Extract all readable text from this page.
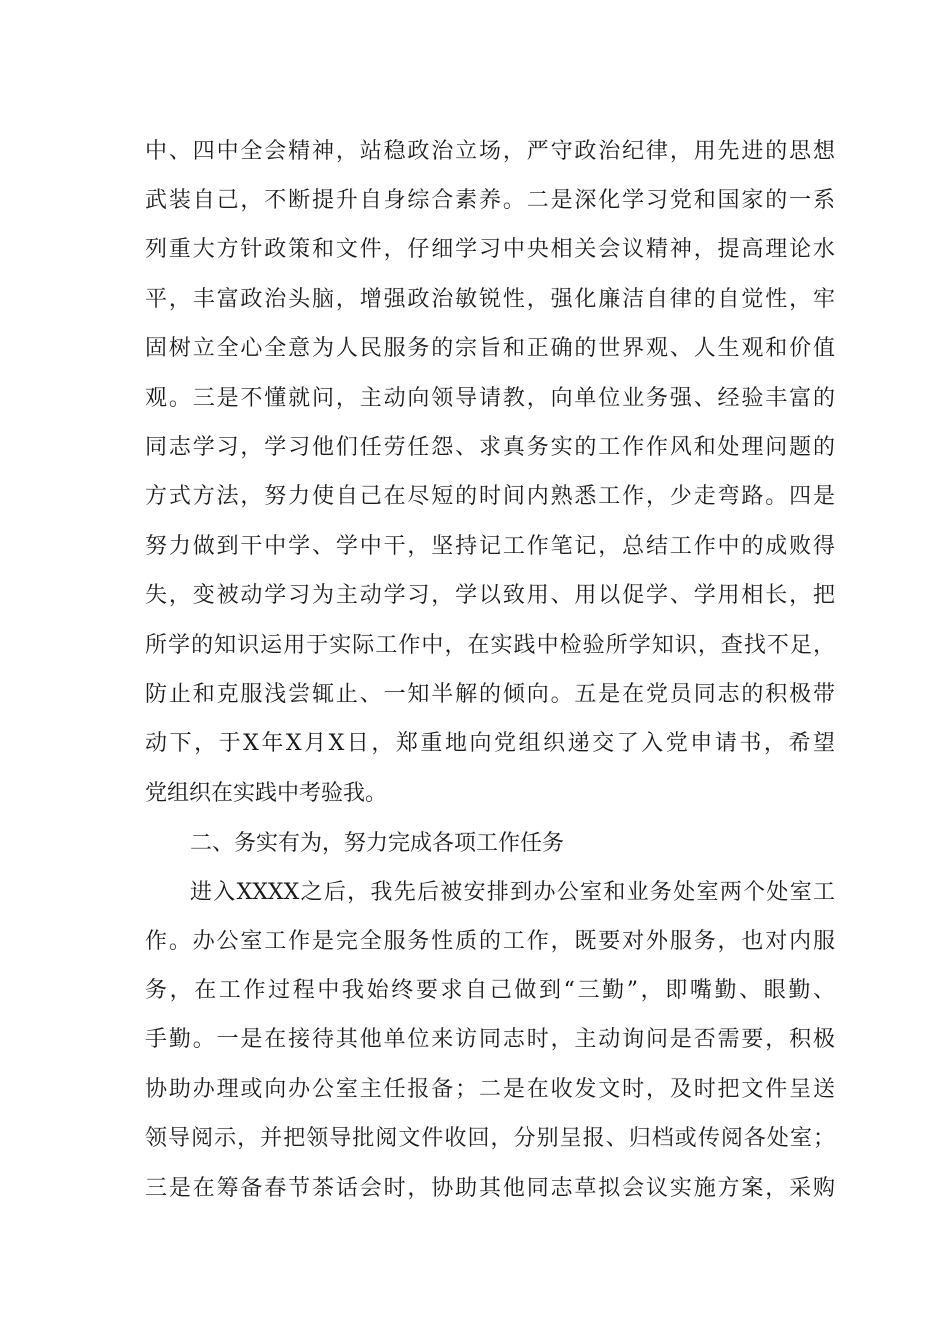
中、四中全会精神，站稳政治立场，严守政治纪律，用先进的思想
武装自己，不断提升自身综合素养。二是深化学习党和国家的一系
列重大方针政策和文件，仔细学习中央相关会议精神，提高理论水
平，丰富政治头脑，增强政治敏锐性，强化廉洁自律的自觉性，牢
固树立全心全意为人民服务的宗旨和正确的世界观、人生观和价值
观。三是不懂就问，主动向领导请教，向单位业务强、经验丰富的
同志学习，学习他们任劳任怨、求真务实的工作作风和处理问题的
方式方法，努力使自己在尽短的时间内熟悉工作，少走弯路。四是
努力做到干中学、学中干，坚持记工作笔记，总结工作中的成败得
失，变被动学习为主动学习，学以致用、用以促学、学用相长，把
所学的知识运用于实际工作中，在实践中检验所学知识，查找不足，
防止和克服浅尝辄止、一知半解的倾向。五是在党员同志的积极带
动下，于X年X月X日，郑重地向党组织递交了入党申请书，希望
党组织在实践中考验我。
二、务实有为，努力完成各项工作任务
进入XXXX之后，我先后被安排到办公室和业务处室两个处室工
作。办公室工作是完全服务性质的工作，既要对外服务，也对内服
务，在工作过程中我始终要求自己做到“三勤”，即嘴勤、眼勤、
手勤。一是在接待其他单位来访同志时，主动询问是否需要，积极
协助办理或向办公室主任报备；二是在收发文时，及时把文件呈送
领导阅示，并把领导批阅文件收回，分别呈报、归档或传阅各处室；
三是在筹备春节茶话会时，协助其他同志草拟会议实施方案，采购
